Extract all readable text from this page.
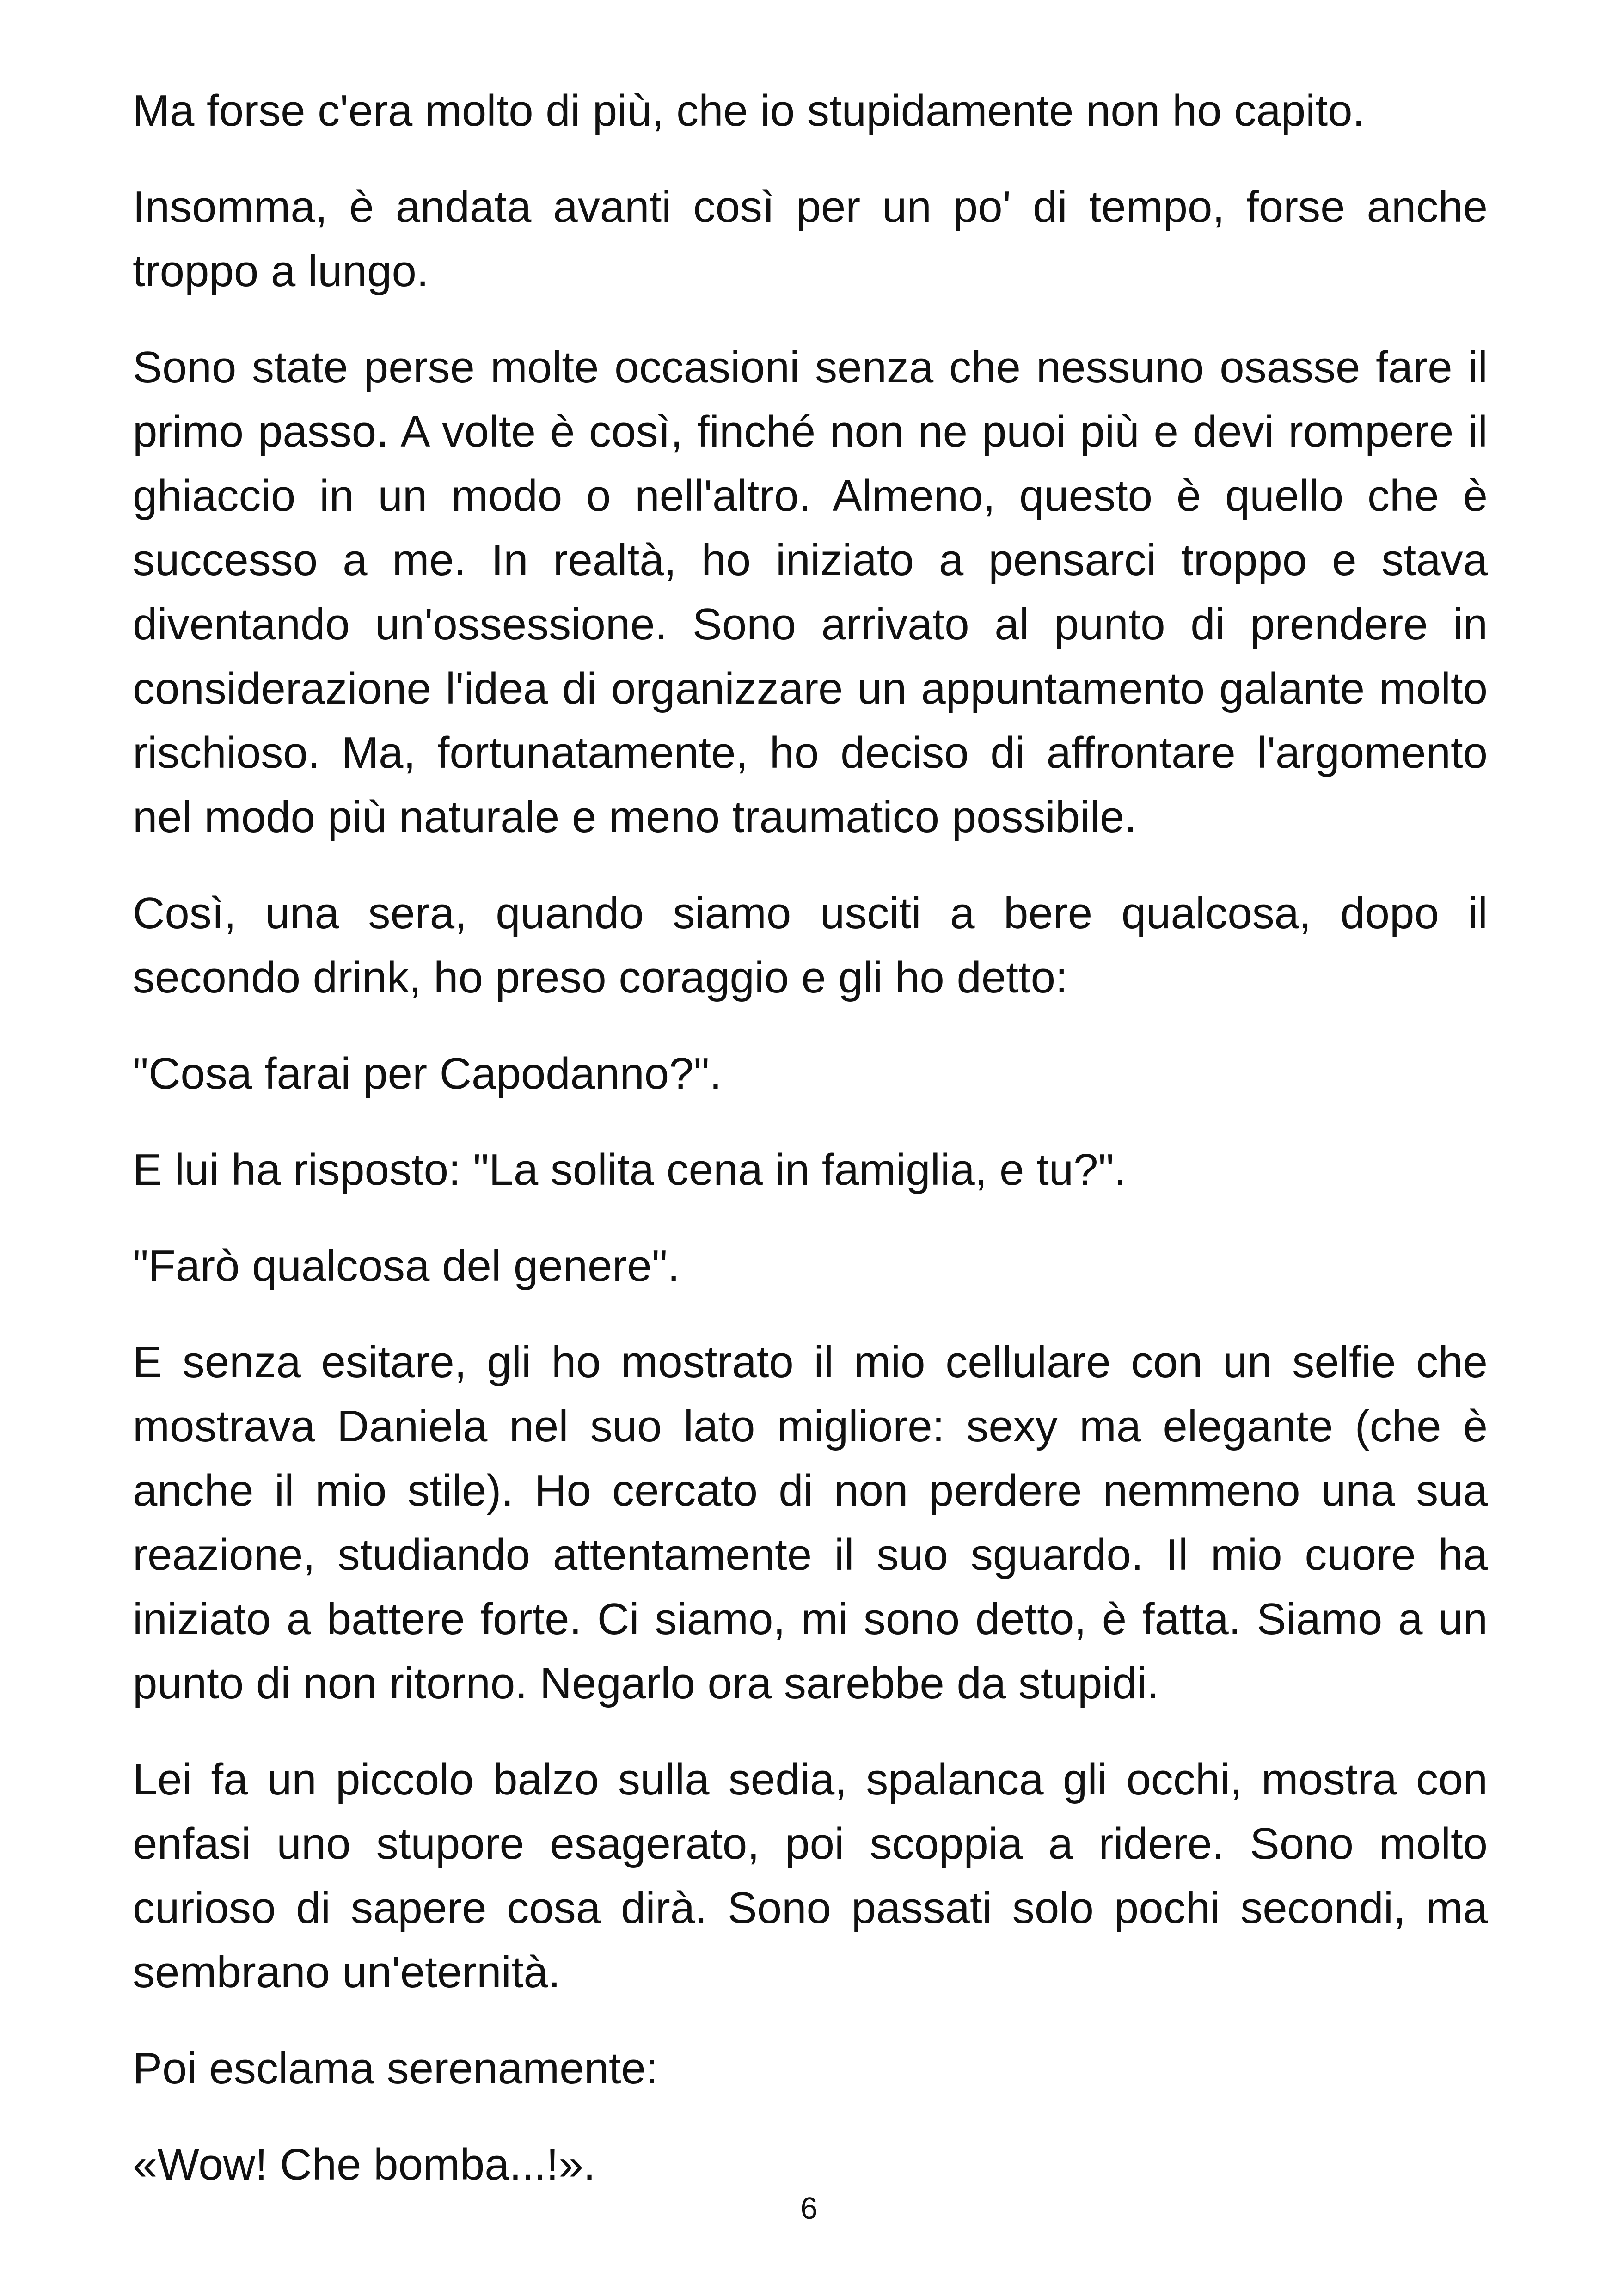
Ma forse c'era molto di più, che io stupidamente non ho capito.

Insomma, è andata avanti così per un po' di tempo, forse anche troppo a lungo.

Sono state perse molte occasioni senza che nessuno osasse fare il primo passo. A volte è così, finché non ne puoi più e devi rompere il ghiaccio in un modo o nell'altro. Almeno, questo è quello che è successo a me. In realtà, ho iniziato a pensarci troppo e stava diventando un'ossessione. Sono arrivato al punto di prendere in considerazione l'idea di organizzare un appuntamento galante molto rischioso. Ma, fortunatamente, ho deciso di affrontare l'argomento nel modo più naturale e meno traumatico possibile.

Così, una sera, quando siamo usciti a bere qualcosa, dopo il secondo drink, ho preso coraggio e gli ho detto:

"Cosa farai per Capodanno?".

E lui ha risposto: "La solita cena in famiglia, e tu?".

"Farò qualcosa del genere".

E senza esitare, gli ho mostrato il mio cellulare con un selfie che mostrava Daniela nel suo lato migliore: sexy ma elegante (che è anche il mio stile). Ho cercato di non perdere nemmeno una sua reazione, studiando attentamente il suo sguardo. Il mio cuore ha iniziato a battere forte. Ci siamo, mi sono detto, è fatta. Siamo a un punto di non ritorno. Negarlo ora sarebbe da stupidi.

Lei fa un piccolo balzo sulla sedia, spalanca gli occhi, mostra con enfasi uno stupore esagerato, poi scoppia a ridere. Sono molto curioso di sapere cosa dirà. Sono passati solo pochi secondi, ma sembrano un'eternità.

Poi esclama serenamente:

«Wow! Che bomba...!».

6
